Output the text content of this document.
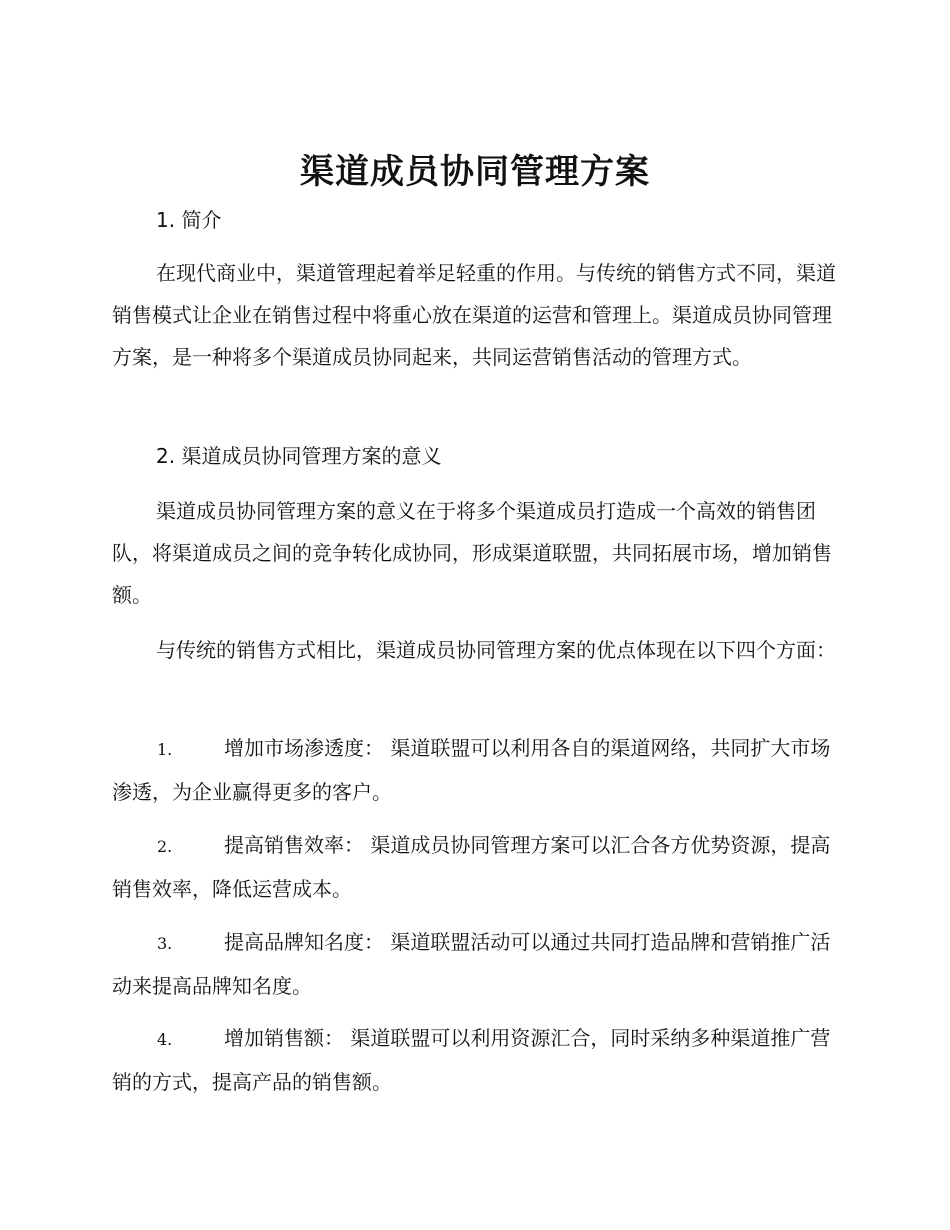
渠道成员协同管理方案
1. 简介

在现代商业中，渠道管理起着举足轻重的作用。与传统的销售方式不同，渠道销售模式让企业在销售过程中将重心放在渠道的运营和管理上。渠道成员协同管理方案，是一种将多个渠道成员协同起来，共同运营销售活动的管理方式。

2. 渠道成员协同管理方案的意义

渠道成员协同管理方案的意义在于将多个渠道成员打造成一个高效的销售团队，将渠道成员之间的竞争转化成协同，形成渠道联盟，共同拓展市场，增加销售额。

与传统的销售方式相比，渠道成员协同管理方案的优点体现在以下四个方面：

1.	增加市场渗透度： 渠道联盟可以利用各自的渠道网络，共同扩大市场渗透，为企业赢得更多的客户。
2.	提高销售效率： 渠道成员协同管理方案可以汇合各方优势资源，提高销售效率，降低运营成本。
3.	提高品牌知名度： 渠道联盟活动可以通过共同打造品牌和营销推广活动来提高品牌知名度。
4.	增加销售额： 渠道联盟可以利用资源汇合，同时采纳多种渠道推广营销的方式，提高产品的销售额。
